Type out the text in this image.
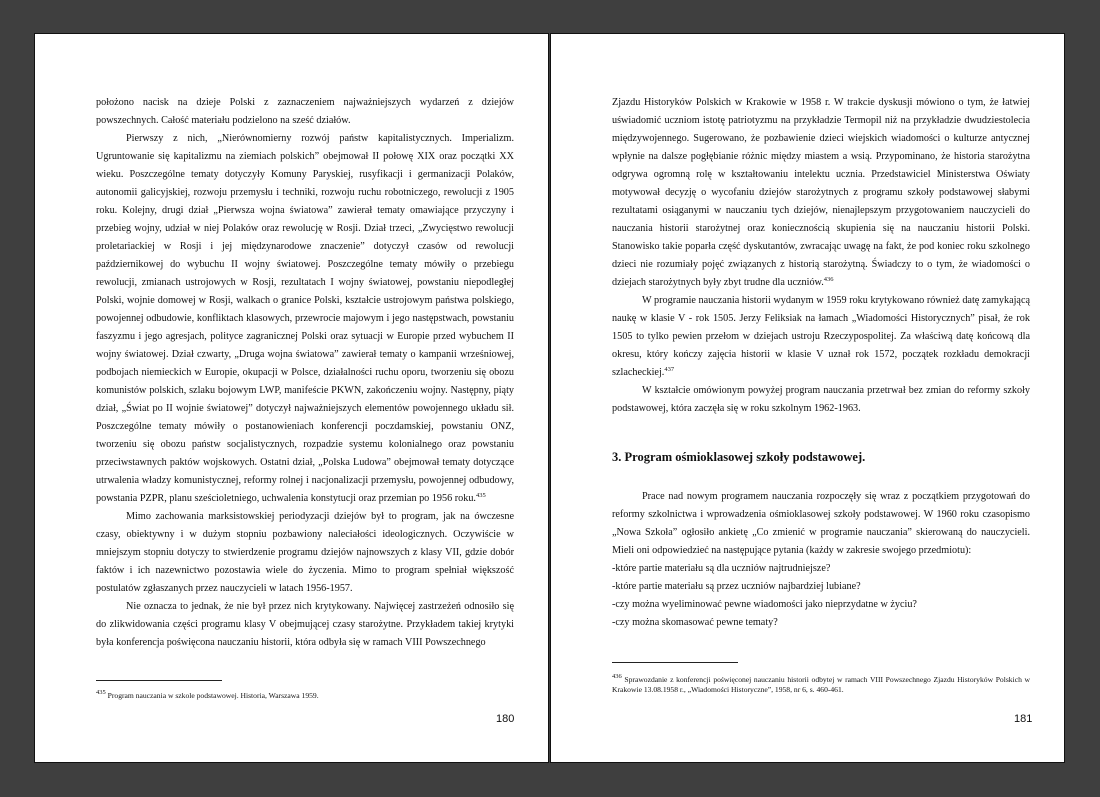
położono nacisk na dzieje Polski z zaznaczeniem najważniejszych wydarzeń z dziejów powszechnych. Całość materiału podzielono na sześć działów.

Pierwszy z nich, „Nierównomierny rozwój państw kapitalistycznych. Imperializm. Ugruntowanie się kapitalizmu na ziemiach polskich” obejmował II połowę XIX oraz początki XX wieku. Poszczególne tematy dotyczyły Komuny Paryskiej, rusyfikacji i germanizacji Polaków, autonomii galicyjskiej, rozwoju przemysłu i techniki, rozwoju ruchu robotniczego, rewolucji z 1905 roku. Kolejny, drugi dział „Pierwsza wojna światowa” zawierał tematy omawiające przyczyny i przebieg wojny, udział w niej Polaków oraz rewolucję w Rosji. Dział trzeci, „Zwycięstwo rewolucji proletariackiej w Rosji i jej międzynarodowe znaczenie” dotyczył czasów od rewolucji październikowej do wybuchu II wojny światowej. Poszczególne tematy mówiły o przebiegu rewolucji, zmianach ustrojowych w Rosji, rezultatach I wojny światowej, powstaniu niepodległej Polski, wojnie domowej w Rosji, walkach o granice Polski, kształcie ustrojowym państwa polskiego, powojennej odbudowie, konfliktach klasowych, przewrocie majowym i jego następstwach, powstaniu faszyzmu i jego agresjach, polityce zagranicznej Polski oraz sytuacji w Europie przed wybuchem II wojny światowej. Dział czwarty, „Druga wojna światowa” zawierał tematy o kampanii wrześniowej, podbojach niemieckich w Europie, okupacji w Polsce, działalności ruchu oporu, tworzeniu się obozu komunistów polskich, szlaku bojowym LWP, manifeście PKWN, zakończeniu wojny. Następny, piąty dział, „Świat po II wojnie światowej” dotyczył najważniejszych elementów powojennego układu sił. Poszczególne tematy mówiły o postanowieniach konferencji poczdamskiej, powstaniu ONZ, tworzeniu się obozu państw socjalistycznych, rozpadzie systemu kolonialnego oraz powstaniu przeciwstawnych paktów wojskowych. Ostatni dział, „Polska Ludowa” obejmował tematy dotyczące utrwalenia władzy komunistycznej, reformy rolnej i nacjonalizacji przemysłu, powojennej odbudowy, powstania PZPR, planu sześcioletniego, uchwalenia konstytucji oraz przemian po 1956 roku.$^{435}$

Mimo zachowania marksistowskiej periodyzacji dziejów był to program, jak na ówczesne czasy, obiektywny i w dużym stopniu pozbawiony naleciałości ideologicznych. Oczywiście w mniejszym stopniu dotyczy to stwierdzenie programu dziejów najnowszych z klasy VII, gdzie dobór faktów i ich nazewnictwo pozostawia wiele do życzenia. Mimo to program spełniał większość postulatów zgłaszanych przez nauczycieli w latach 1956-1957.

Nie oznacza to jednak, że nie był przez nich krytykowany. Najwięcej zastrzeżeń odnosiło się do zlikwidowania części programu klasy V obejmującej czasy starożytne. Przykładem takiej krytyki była konferencja poświęcona nauczaniu historii, która odbyła się w ramach VIII Powszechnego

$^{435}$ Program nauczania w szkole podstawowej. Historia, Warszawa 1959.
180

Zjazdu Historyków Polskich w Krakowie w 1958 r. W trakcie dyskusji mówiono o tym, że łatwiej uświadomić uczniom istotę patriotyzmu na przykładzie Termopil niż na przykładzie dwudziestolecia międzywojennego. Sugerowano, że pozbawienie dzieci wiejskich wiadomości o kulturze antycznej wpłynie na dalsze pogłębianie różnic między miastem a wsią. Przypominano, że historia starożytna odgrywa ogromną rolę w kształtowaniu intelektu ucznia. Przedstawiciel Ministerstwa Oświaty motywował decyzję o wycofaniu dziejów starożytnych z programu szkoły podstawowej słabymi rezultatami osiąganymi w nauczaniu tych dziejów, nienajlepszym przygotowaniem nauczycieli do nauczania historii starożytnej oraz koniecznością skupienia się na nauczaniu historii Polski. Stanowisko takie poparła część dyskutantów, zwracając uwagę na fakt, że pod koniec roku szkolnego dzieci nie rozumiały pojęć związanych z historią starożytną. Świadczy to o tym, że wiadomości o dziejach starożytnych były zbyt trudne dla uczniów.$^{436}$

W programie nauczania historii wydanym w 1959 roku krytykowano również datę zamykającą naukę w klasie V - rok 1505. Jerzy Feliksiak na łamach „Wiadomości Historycznych” pisał, że rok 1505 to tylko pewien przełom w dziejach ustroju Rzeczypospolitej. Za właściwą datę końcową dla okresu, który kończy zajęcia historii w klasie V uznał rok 1572, początek rozkładu demokracji szlacheckiej.$^{437}$

W kształcie omówionym powyżej program nauczania przetrwał bez zmian do reformy szkoły podstawowej, która zaczęła się w roku szkolnym 1962-1963.

3. Program ośmioklasowej szkoły podstawowej.

Prace nad nowym programem nauczania rozpoczęły się wraz z początkiem przygotowań do reformy szkolnictwa i wprowadzenia ośmioklasowej szkoły podstawowej. W 1960 roku czasopismo „Nowa Szkoła” ogłosiło ankietę „Co zmienić w programie nauczania” skierowaną do nauczycieli. Mieli oni odpowiedzieć na następujące pytania (każdy w zakresie swojego przedmiotu):

-które partie materiału są dla uczniów najtrudniejsze?

-które partie materiału są przez uczniów najbardziej lubiane?

-czy można wyeliminować pewne wiadomości jako nieprzydatne w życiu?

-czy można skomasować pewne tematy?

$^{436}$ Sprawozdanie z konferencji poświęconej nauczaniu historii odbytej w ramach VIII Powszechnego Zjazdu Historyków Polskich w Krakowie 13.08.1958 r., „Wiadomości Historyczne”, 1958, nr 6, s. 460-461.
181
